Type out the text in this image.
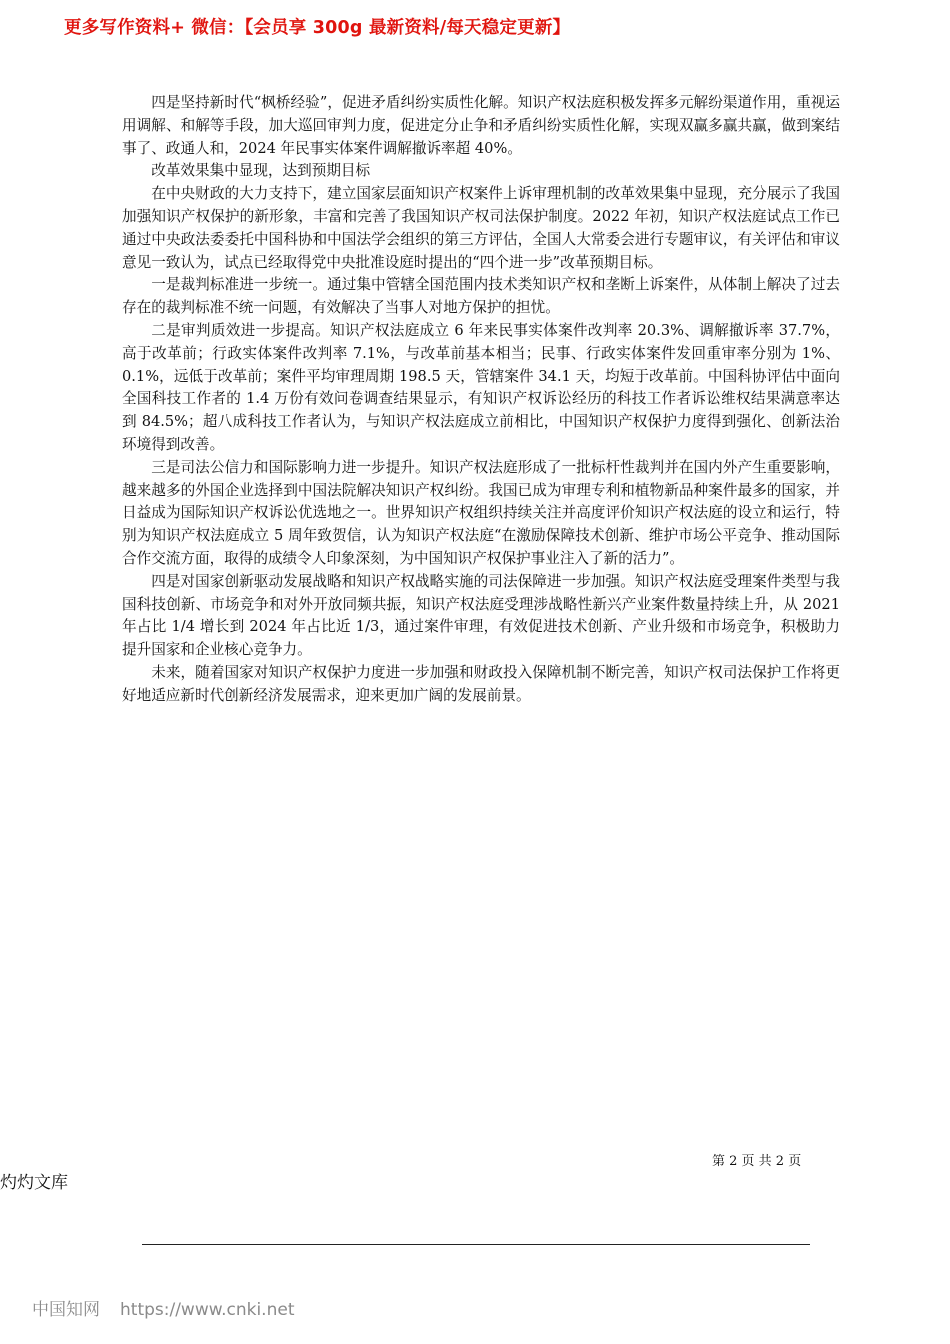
更多写作资料+ 微信：【会员享 300g 最新资料/每天稳定更新】

四是坚持新时代“枫桥经验”，促进矛盾纠纷实质性化解。知识产权法庭积极发挥多元解纷渠道作用，重视运用调解、和解等手段，加大巡回审判力度，促进定分止争和矛盾纠纷实质性化解，实现双赢多赢共赢，做到案结事了、政通人和，2024 年民事实体案件调解撤诉率超 40%。

改革效果集中显现，达到预期目标

在中央财政的大力支持下，建立国家层面知识产权案件上诉审理机制的改革效果集中显现，充分展示了我国加强知识产权保护的新形象，丰富和完善了我国知识产权司法保护制度。2022 年初，知识产权法庭试点工作已通过中央政法委委托中国科协和中国法学会组织的第三方评估，全国人大常委会进行专题审议，有关评估和审议意见一致认为，试点已经取得党中央批准设庭时提出的“四个进一步”改革预期目标。

一是裁判标准进一步统一。通过集中管辖全国范围内技术类知识产权和垄断上诉案件，从体制上解决了过去存在的裁判标准不统一问题，有效解决了当事人对地方保护的担忧。

二是审判质效进一步提高。知识产权法庭成立 6 年来民事实体案件改判率 20.3%、调解撤诉率 37.7%，高于改革前；行政实体案件改判率 7.1%，与改革前基本相当；民事、行政实体案件发回重审率分别为 1%、0.1%，远低于改革前；案件平均审理周期 198.5 天，管辖案件 34.1 天，均短于改革前。中国科协评估中面向全国科技工作者的 1.4 万份有效问卷调查结果显示，有知识产权诉讼经历的科技工作者诉讼维权结果满意率达到 84.5%；超八成科技工作者认为，与知识产权法庭成立前相比，中国知识产权保护力度得到强化、创新法治环境得到改善。

三是司法公信力和国际影响力进一步提升。知识产权法庭形成了一批标杆性裁判并在国内外产生重要影响，越来越多的外国企业选择到中国法院解决知识产权纠纷。我国已成为审理专利和植物新品种案件最多的国家，并日益成为国际知识产权诉讼优选地之一。世界知识产权组织持续关注并高度评价知识产权法庭的设立和运行，特别为知识产权法庭成立 5 周年致贺信，认为知识产权法庭“在激励保障技术创新、维护市场公平竞争、推动国际合作交流方面，取得的成绩令人印象深刻，为中国知识产权保护事业注入了新的活力”。

四是对国家创新驱动发展战略和知识产权战略实施的司法保障进一步加强。知识产权法庭受理案件类型与我国科技创新、市场竞争和对外开放同频共振，知识产权法庭受理涉战略性新兴产业案件数量持续上升，从 2021 年占比 1/4 增长到 2024 年占比近 1/3，通过案件审理，有效促进技术创新、产业升级和市场竞争，积极助力提升国家和企业核心竞争力。

未来，随着国家对知识产权保护力度进一步加强和财政投入保障机制不断完善，知识产权司法保护工作将更好地适应新时代创新经济发展需求，迎来更加广阔的发展前景。

第 2 页 共 2 页
灼灼文库
中国知网 https://www.cnki.net
